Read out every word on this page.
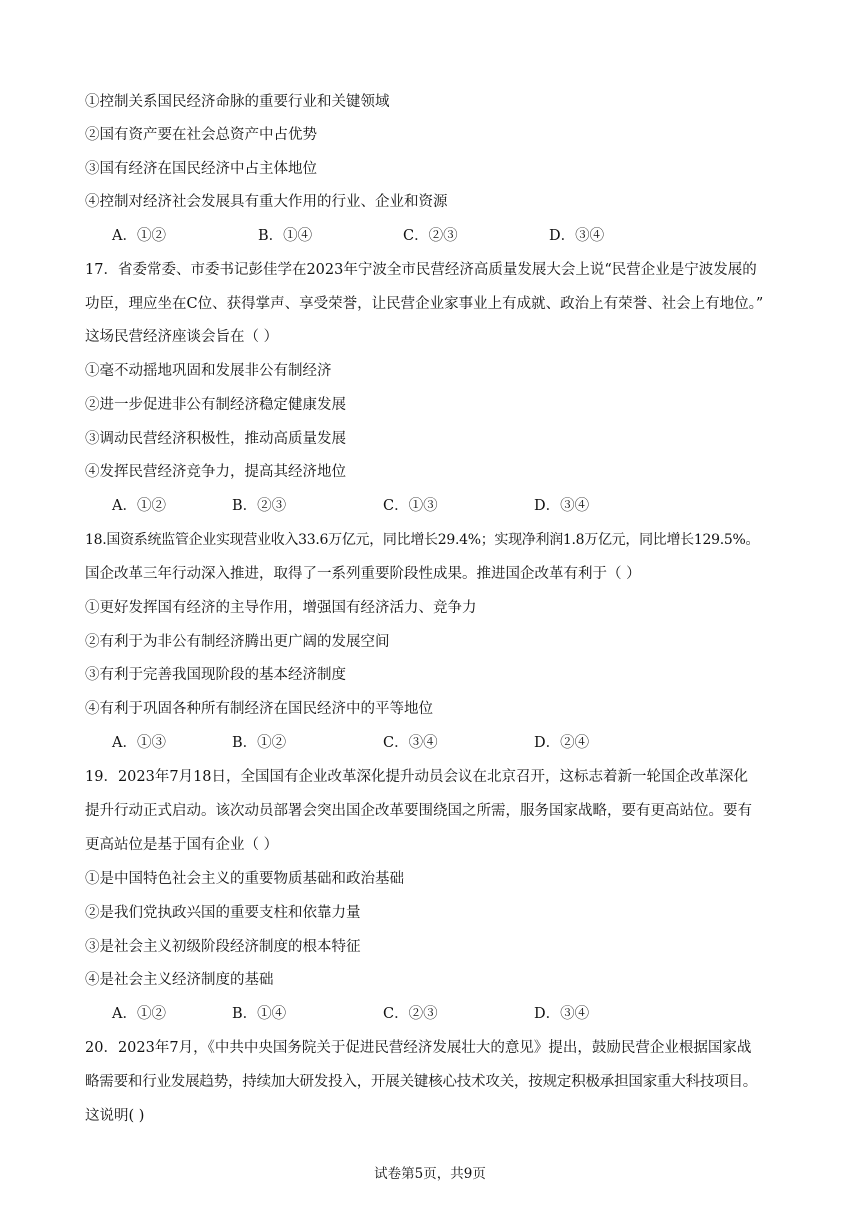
①控制关系国民经济命脉的重要行业和关键领域
②国有资产要在社会总资产中占优势
③国有经济在国民经济中占主体地位
④控制对经济社会发展具有重大作用的行业、企业和资源
A．①②	B．①④	C．②③	D．③④
17．省委常委、市委书记彭佳学在2023年宁波全市民营经济高质量发展大会上说“民营企业是宁波发展的
功臣，理应坐在C位、获得掌声、享受荣誉，让民营企业家事业上有成就、政治上有荣誉、社会上有地位。”
这场民营经济座谈会旨在（ ）
①毫不动摇地巩固和发展非公有制经济
②进一步促进非公有制经济稳定健康发展
③调动民营经济积极性，推动高质量发展
④发挥民营经济竞争力，提高其经济地位
A．①②	B．②③	C．①③	D．③④
18.国资系统监管企业实现营业收入33.6万亿元，同比增长29.4%；实现净利润1.8万亿元，同比增长129.5%。
国企改革三年行动深入推进，取得了一系列重要阶段性成果。推进国企改革有利于（ ）
①更好发挥国有经济的主导作用，增强国有经济活力、竞争力
②有利于为非公有制经济腾出更广阔的发展空间
③有利于完善我国现阶段的基本经济制度
④有利于巩固各种所有制经济在国民经济中的平等地位
A．①③	B．①②	C．③④	D．②④
19．2023年7月18日，全国国有企业改革深化提升动员会议在北京召开，这标志着新一轮国企改革深化
提升行动正式启动。该次动员部署会突出国企改革要围绕国之所需，服务国家战略，要有更高站位。要有
更高站位是基于国有企业（ ）
①是中国特色社会主义的重要物质基础和政治基础
②是我们党执政兴国的重要支柱和依靠力量
③是社会主义初级阶段经济制度的根本特征
④是社会主义经济制度的基础
A．①②	B．①④	C．②③	D．③④
20．2023年7月，《中共中央国务院关于促进民营经济发展壮大的意见》提出，鼓励民营企业根据国家战
略需要和行业发展趋势，持续加大研发投入，开展关键核心技术攻关，按规定积极承担国家重大科技项目。
这说明( )
试卷第5页，共9页
